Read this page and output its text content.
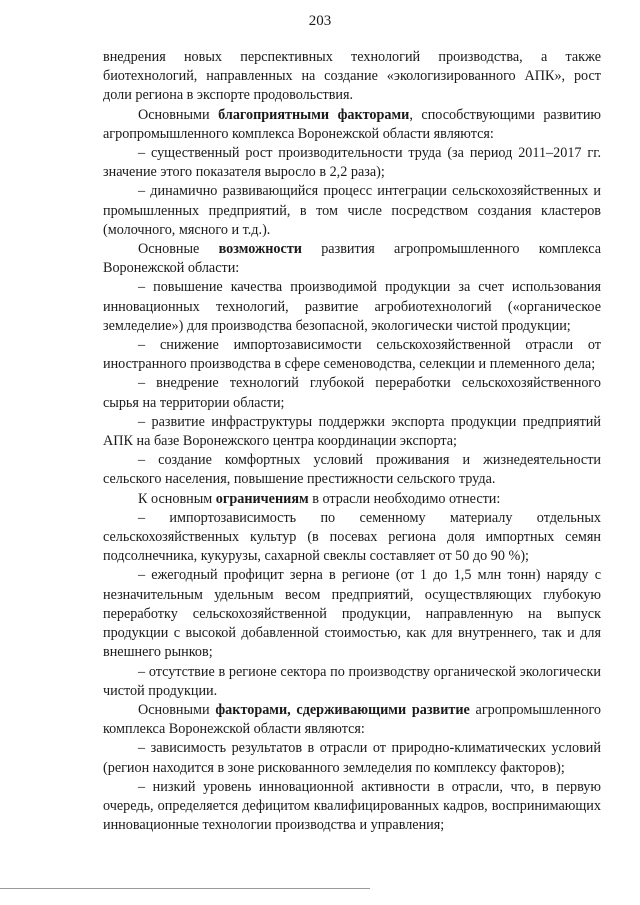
203

внедрения новых перспективных технологий производства, а также биотехнологий, направленных на создание «экологизированного АПК», рост доли региона в экспорте продовольствия.

Основными благоприятными факторами, способствующими развитию агропромышленного комплекса Воронежской области являются:

– существенный рост производительности труда (за период 2011–2017 гг. значение этого показателя выросло в 2,2 раза);

– динамично развивающийся процесс интеграции сельскохозяйственных и промышленных предприятий, в том числе посредством создания кластеров (молочного, мясного и т.д.).

Основные возможности развития агропромышленного комплекса Воронежской области:

– повышение качества производимой продукции за счет использования инновационных технологий, развитие агробиотехнологий («органическое земледелие») для производства безопасной, экологически чистой продукции;

– снижение импортозависимости сельскохозяйственной отрасли от иностранного производства в сфере семеноводства, селекции и племенного дела;

– внедрение технологий глубокой переработки сельскохозяйственного сырья на территории области;

– развитие инфраструктуры поддержки экспорта продукции предприятий АПК на базе Воронежского центра координации экспорта;

– создание комфортных условий проживания и жизнедеятельности сельского населения, повышение престижности сельского труда.

К основным ограничениям в отрасли необходимо отнести:

– импортозависимость по семенному материалу отдельных сельскохозяйственных культур (в посевах региона доля импортных семян подсолнечника, кукурузы, сахарной свеклы составляет от 50 до 90 %);

– ежегодный профицит зерна в регионе (от 1 до 1,5 млн тонн) наряду с незначительным удельным весом предприятий, осуществляющих глубокую переработку сельскохозяйственной продукции, направленную на выпуск продукции с высокой добавленной стоимостью, как для внутреннего, так и для внешнего рынков;

– отсутствие в регионе сектора по производству органической экологически чистой продукции.

Основными факторами, сдерживающими развитие агропромышленного комплекса Воронежской области являются:

– зависимость результатов в отрасли от природно-климатических условий (регион находится в зоне рискованного земледелия по комплексу факторов);

– низкий уровень инновационной активности в отрасли, что, в первую очередь, определяется дефицитом квалифицированных кадров, воспринимающих инновационные технологии производства и управления;
